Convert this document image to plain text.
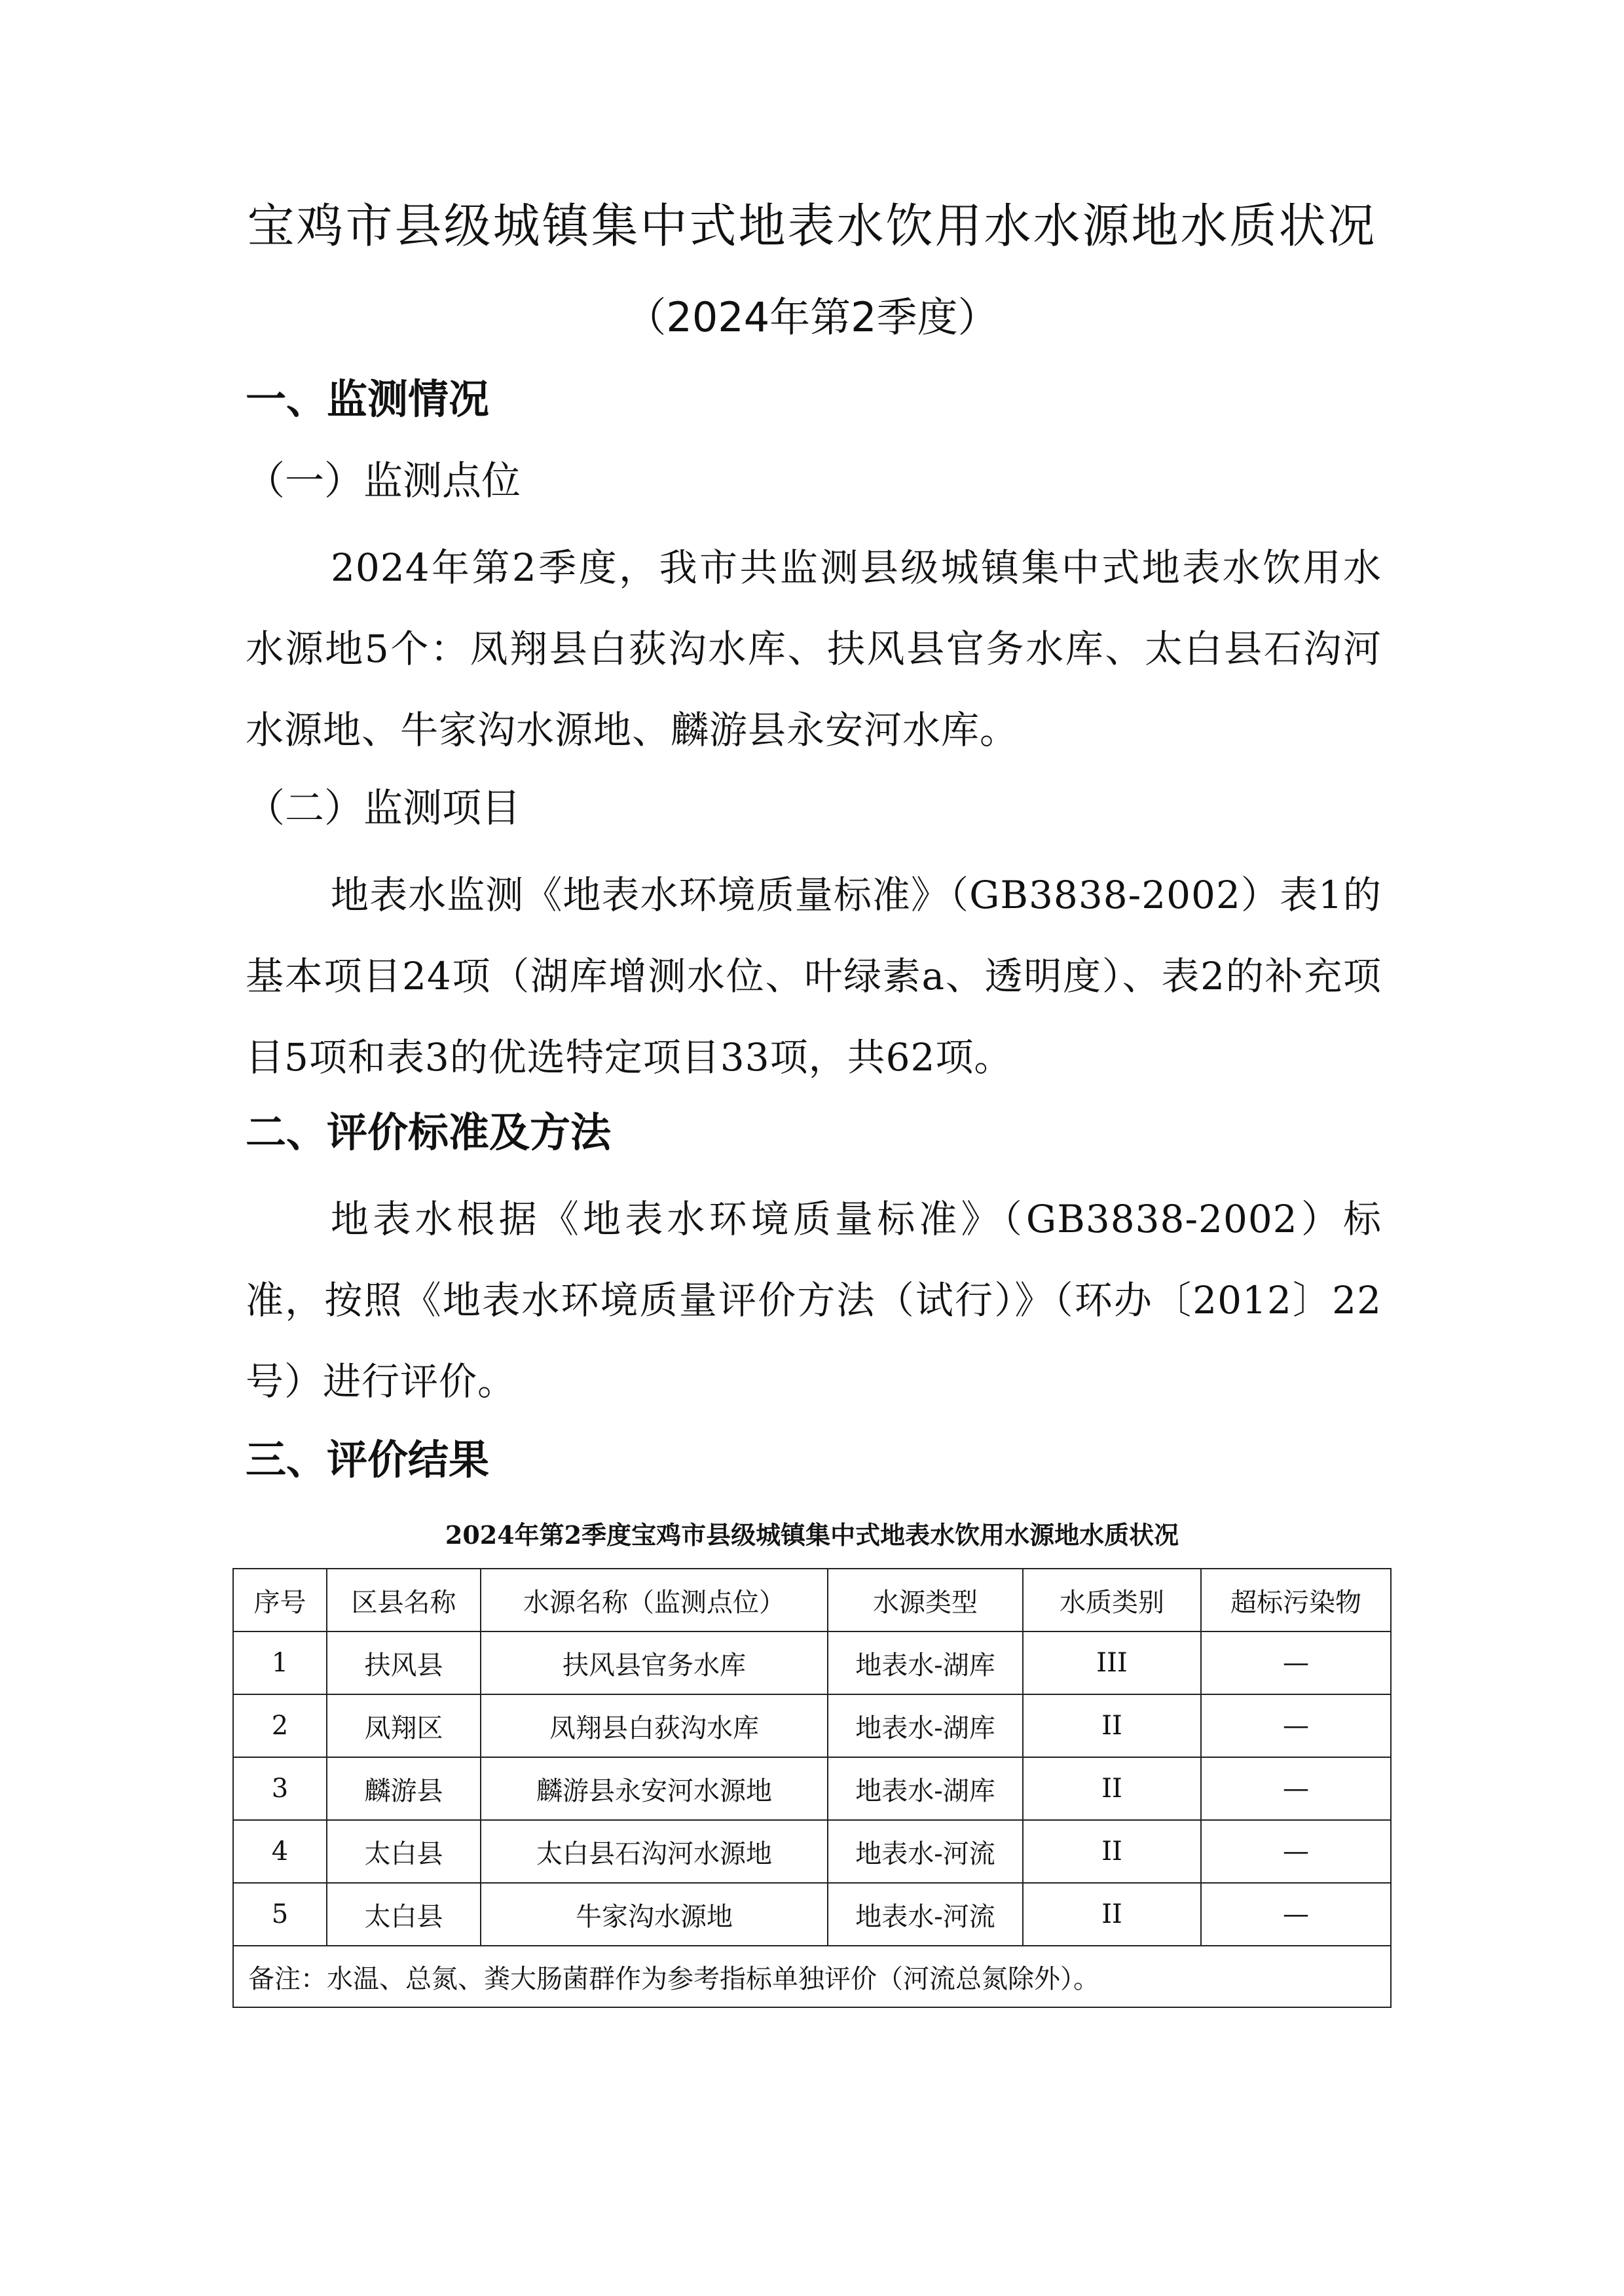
宝鸡市县级城镇集中式地表水饮用水水源地水质状况
（2024年第2季度）
一、监测情况
（一）监测点位
2024年第2季度，我市共监测县级城镇集中式地表水饮用水水源地5个：凤翔县白荻沟水库、扶风县官务水库、太白县石沟河水源地、牛家沟水源地、麟游县永安河水库。
（二）监测项目
地表水监测《地表水环境质量标准》（GB3838-2002）表1的基本项目24项（湖库增测水位、叶绿素a、透明度）、表2的补充项目5项和表3的优选特定项目33项，共62项。
二、评价标准及方法
地表水根据《地表水环境质量标准》（GB3838-2002）标准，按照《地表水环境质量评价方法（试行）》（环办〔2012〕22号）进行评价。
三、评价结果
2024年第2季度宝鸡市县级城镇集中式地表水饮用水源地水质状况
序号	区县名称	水源名称（监测点位）	水源类型	水质类别	超标污染物
1	扶风县	扶风县官务水库	地表水-湖库	III	—
2	凤翔区	凤翔县白荻沟水库	地表水-湖库	II	—
3	麟游县	麟游县永安河水源地	地表水-湖库	II	—
4	太白县	太白县石沟河水源地	地表水-河流	II	—
5	太白县	牛家沟水源地	地表水-河流	II	—
备注：水温、总氮、粪大肠菌群作为参考指标单独评价（河流总氮除外）。					
